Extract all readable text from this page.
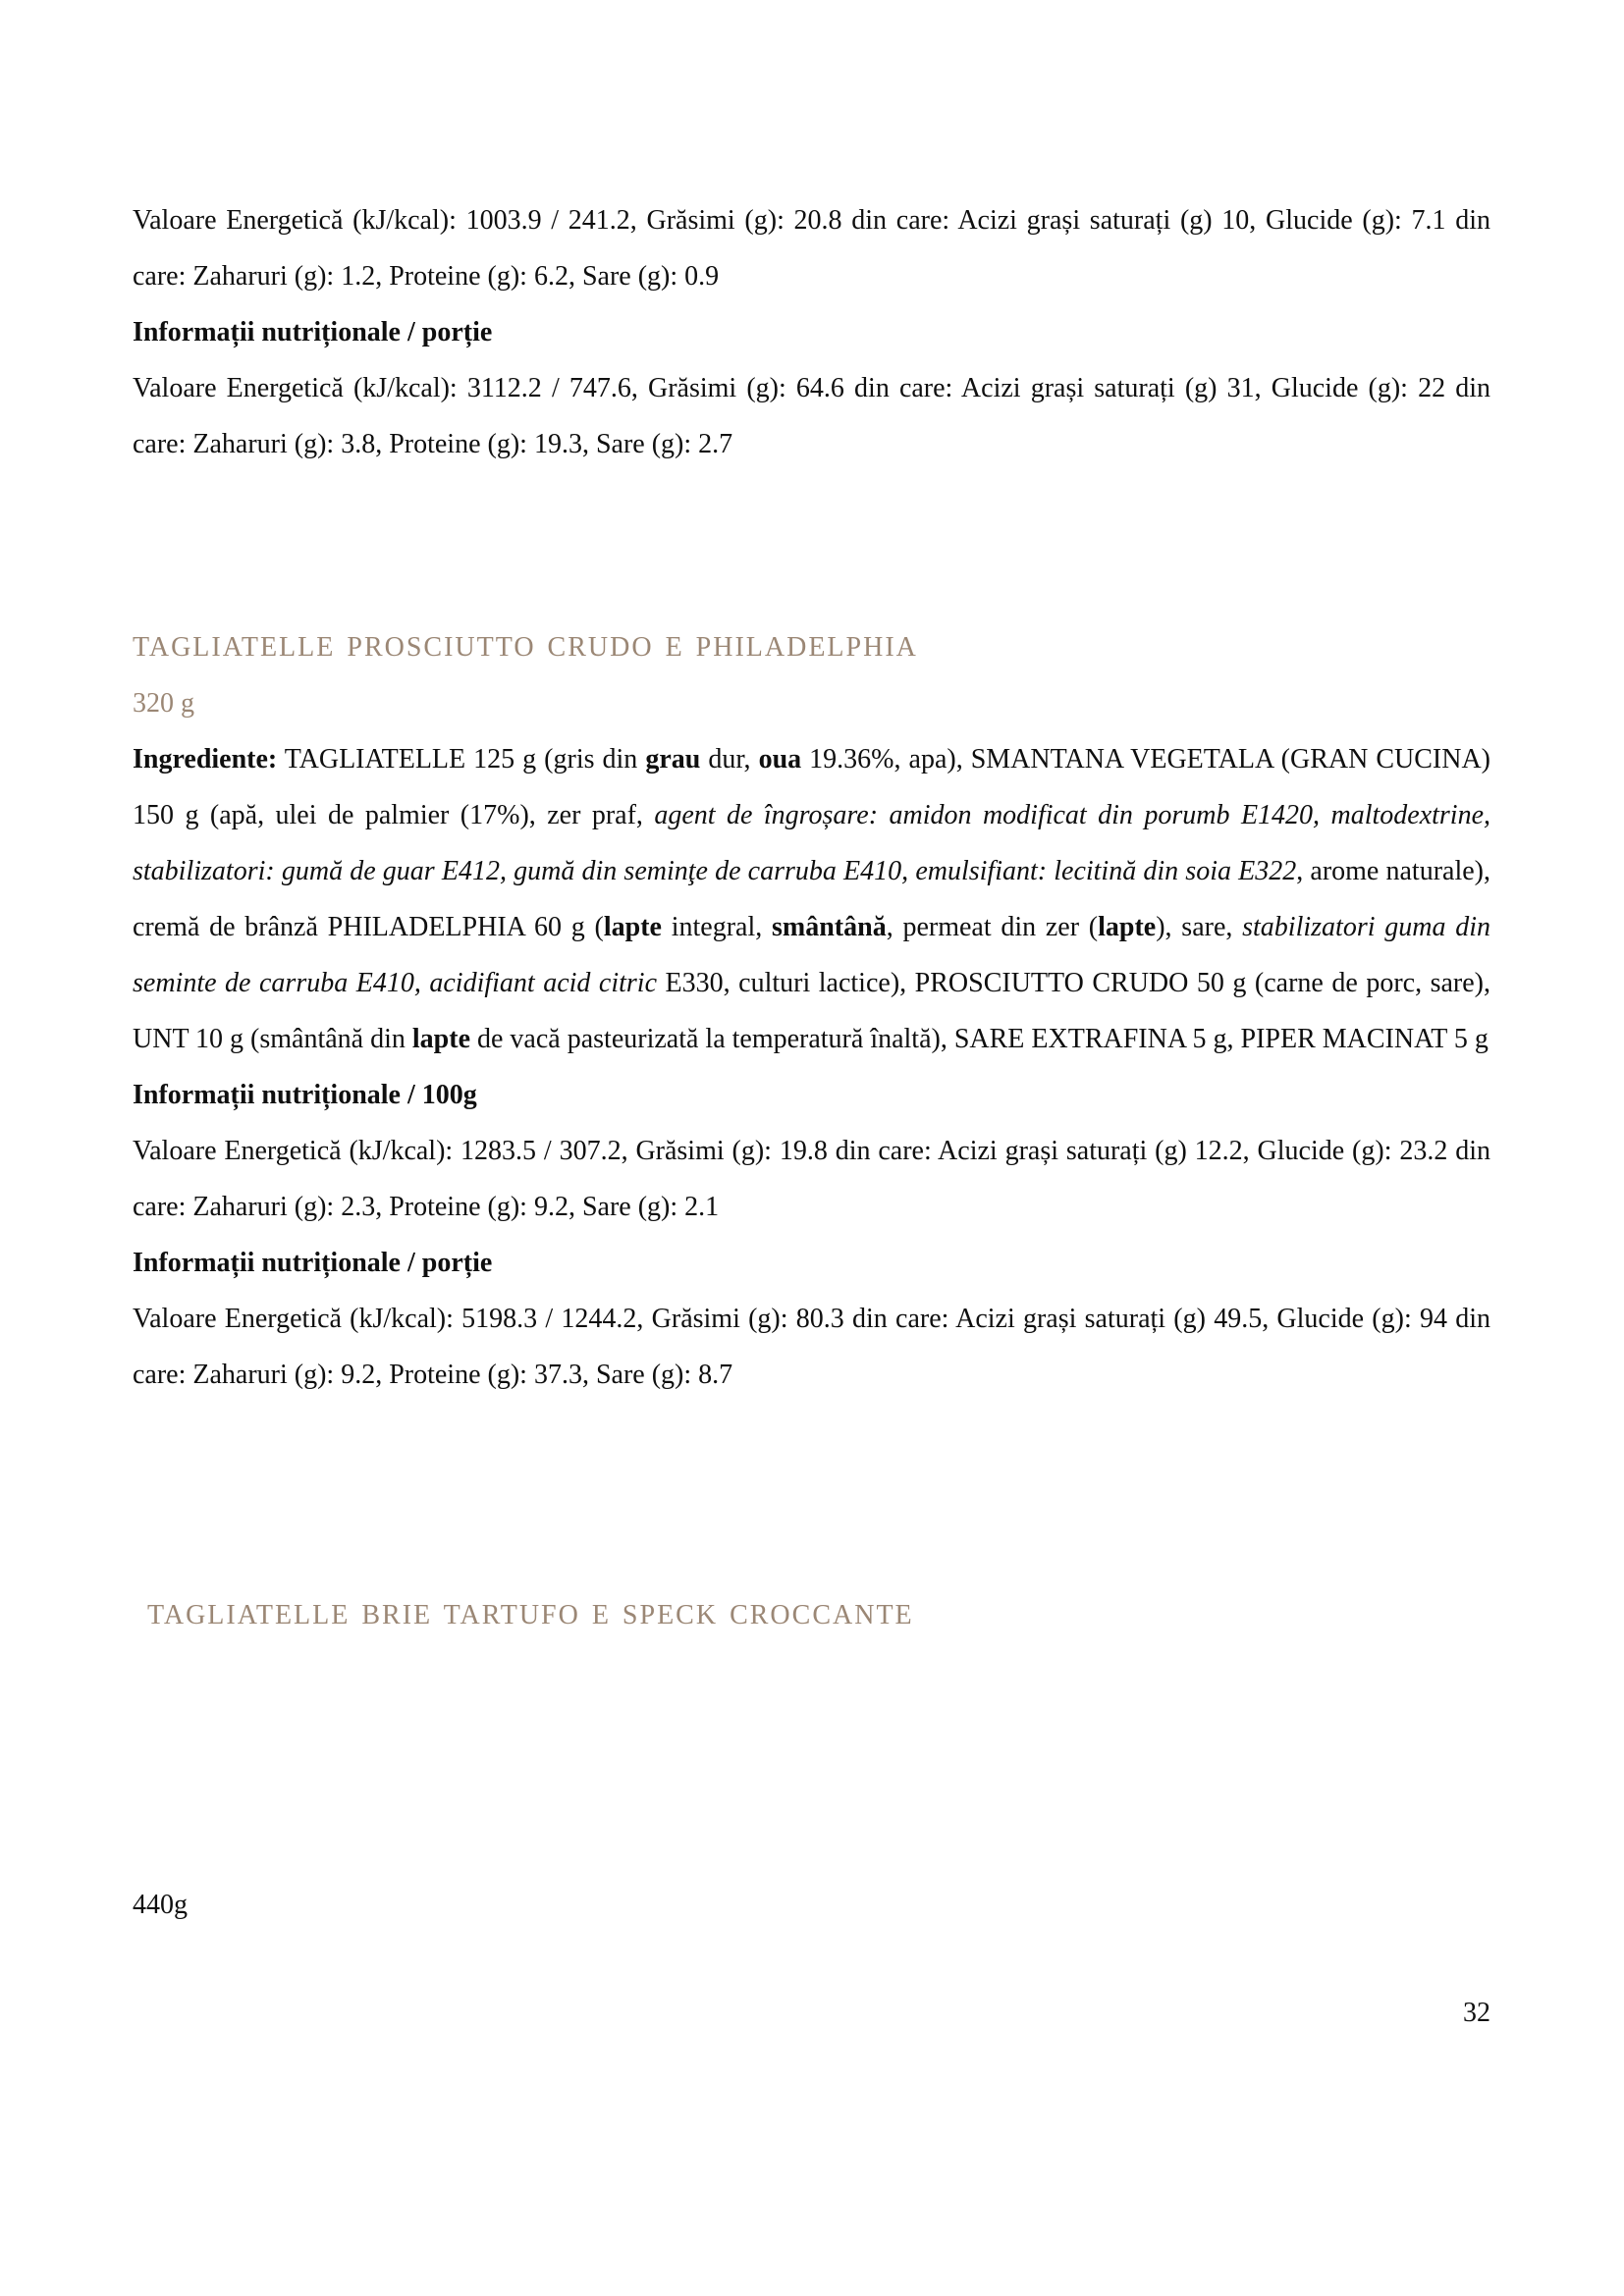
Valoare Energetică (kJ/kcal): 1003.9 / 241.2, Grăsimi (g): 20.8 din care: Acizi grași saturați (g) 10, Glucide (g): 7.1 din care: Zaharuri (g): 1.2, Proteine (g): 6.2, Sare (g): 0.9

Informații nutriționale / porție

Valoare Energetică (kJ/kcal): 3112.2 / 747.6, Grăsimi (g): 64.6 din care: Acizi grași saturați (g) 31, Glucide (g): 22 din care: Zaharuri (g): 3.8, Proteine (g): 19.3, Sare (g): 2.7

TAGLIATELLE PROSCIUTTO CRUDO E PHILADELPHIA

320 g

Ingrediente: TAGLIATELLE 125 g (gris din grau dur, oua 19.36%, apa), SMANTANA VEGETALA (GRAN CUCINA) 150 g (apă, ulei de palmier (17%), zer praf, agent de îngroșare: amidon modificat din porumb E1420, maltodextrine, stabilizatori: gumă de guar E412, gumă din seminţe de carruba E410, emulsifiant: lecitină din soia E322, arome naturale), cremă de brânză PHILADELPHIA 60 g (lapte integral, smântână, permeat din zer (lapte), sare, stabilizatori guma din seminte de carruba E410, acidifiant acid citric E330, culturi lactice), PROSCIUTTO CRUDO 50 g (carne de porc, sare), UNT 10 g (smântână din lapte de vacă pasteurizată la temperatură înaltă), SARE EXTRAFINA 5 g, PIPER MACINAT 5 g

Informații nutriționale / 100g

Valoare Energetică (kJ/kcal): 1283.5 / 307.2, Grăsimi (g): 19.8 din care: Acizi grași saturați (g) 12.2, Glucide (g): 23.2 din care: Zaharuri (g): 2.3, Proteine (g): 9.2, Sare (g): 2.1

Informații nutriționale / porție

Valoare Energetică (kJ/kcal): 5198.3 / 1244.2, Grăsimi (g): 80.3 din care: Acizi grași saturați (g) 49.5, Glucide (g): 94 din care: Zaharuri (g): 9.2, Proteine (g): 37.3, Sare (g): 8.7

TAGLIATELLE BRIE TARTUFO E SPECK CROCCANTE

440g

32
